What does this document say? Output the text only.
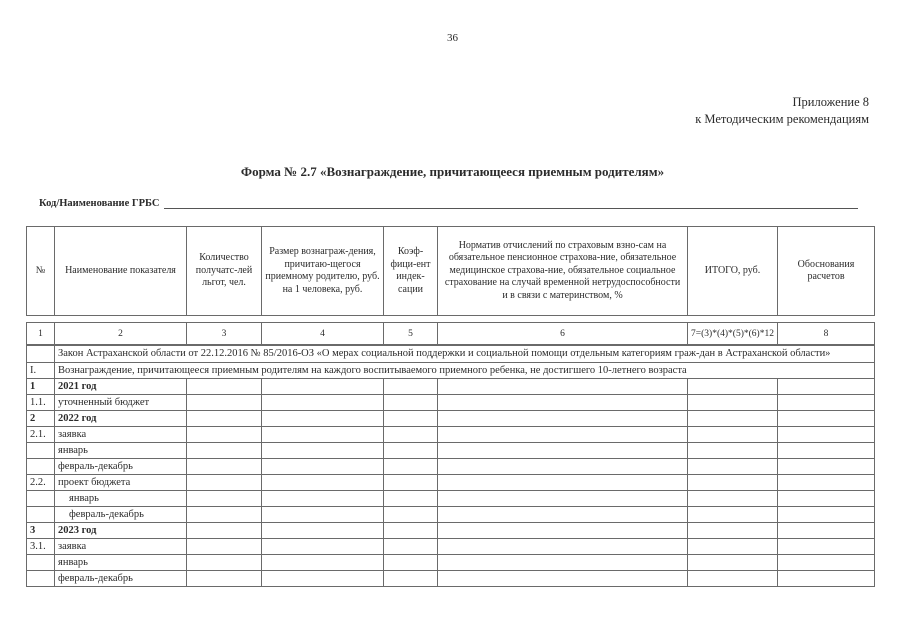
36
Приложение 8
к Методическим рекомендациям
Форма № 2.7 «Вознаграждение, причитающееся приемным родителям»
Код/Наименование ГРБС
№	Наименование показателя	Количество получатс-лей льгот, чел.	Размер вознаграж-дения, причитаю-щегося приемному родителю, руб. на 1 человека, руб.	Коэф-фици-ент индек-сации	Норматив отчислений по страховым взно-сам на обязательное пенсионное страхова-ние, обязательное медицинское страхова-ние, обязательное социальное страхование на случай временной нетрудоспособности и в связи с материнством, %	ИТОГО, руб.	Обоснования расчетов
1	2	3	4	5	6	7=(3)*(4)*(5)*(6)*12	8
	Закон Астраханской области от 22.12.2016 № 85/2016-ОЗ «О мерах социальной поддержки и социальной помощи отдельным категориям граж-дан в Астраханской области»						
I.	Вознаграждение, причитающееся приемным родителям на каждого воспитываемого приемного ребенка, не достигшего 10-летнего возраста						
1	2021 год						
1.1.	уточненный бюджет						
2	2022 год						
2.1.	заявка						
	январь						
	февраль-декабрь						
2.2.	проект бюджета						
	январь						
	февраль-декабрь						
3	2023 год						
3.1.	заявка						
	январь						
	февраль-декабрь						
